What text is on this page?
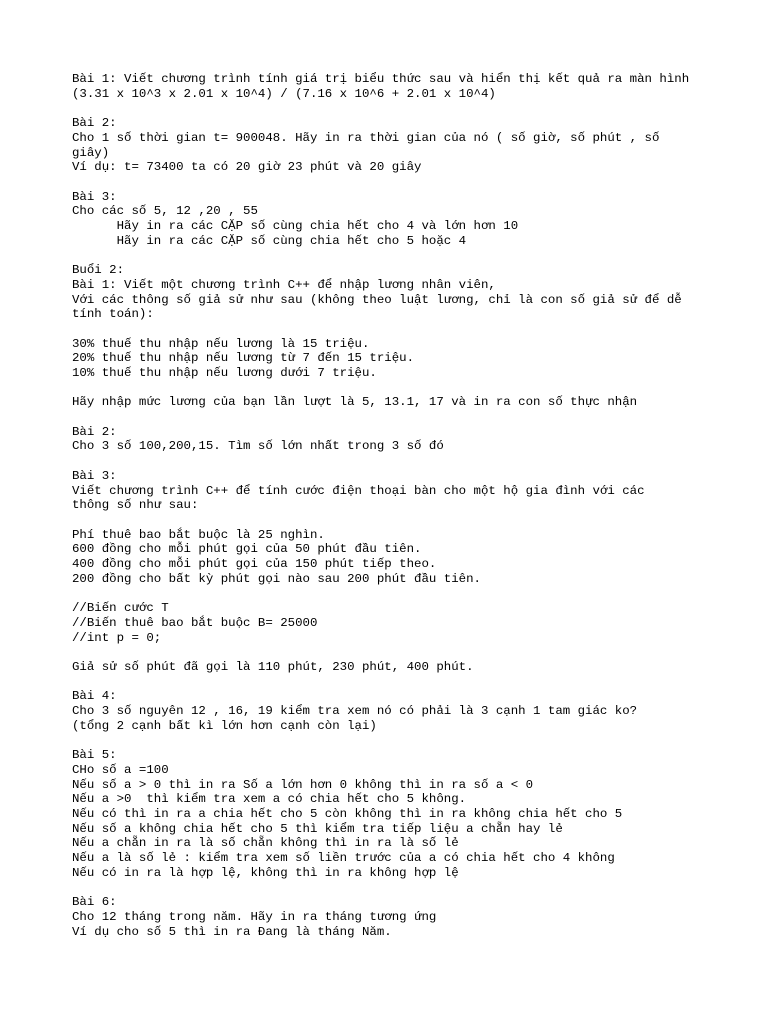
Bài 1: Viết chương trình tính giá trị biểu thức sau và hiển thị kết quả ra màn hình
(3.31 x 10^3 x 2.01 x 10^4) / (7.16 x 10^6 + 2.01 x 10^4)
Bài 2:
Cho 1 số thời gian t= 900048. Hãy in ra thời gian của nó ( số giờ, số phút , số
giây)
Ví dụ: t= 73400 ta có 20 giờ 23 phút và 20 giây
Bài 3:
Cho các số 5, 12 ,20 , 55
Hãy in ra các CẶP số cùng chia hết cho 4 và lớn hơn 10
Hãy in ra các CẶP số cùng chia hết cho 5 hoặc 4
Buổi 2:
Bài 1: Viết một chương trình C++ để nhập lương nhân viên,
Với các thông số giả sử như sau (không theo luật lương, chỉ là con số giả sử để dễ
tính toán):
30% thuế thu nhập nếu lương là 15 triệu.
20% thuế thu nhập nếu lương từ 7 đến 15 triệu.
10% thuế thu nhập nếu lương dưới 7 triệu.
Hãy nhập mức lương của bạn lần lượt là 5, 13.1, 17 và in ra con số thực nhận
Bài 2:
Cho 3 số 100,200,15. Tìm số lớn nhất trong 3 số đó
Bài 3:
Viết chương trình C++ để tính cước điện thoại bàn cho một hộ gia đình với các
thông số như sau:
Phí thuê bao bắt buộc là 25 nghìn.
600 đồng cho mỗi phút gọi của 50 phút đầu tiên.
400 đồng cho mỗi phút gọi của 150 phút tiếp theo.
200 đồng cho bất kỳ phút gọi nào sau 200 phút đầu tiên.
//Biến cước T
//Biến thuê bao bắt buộc B= 25000
//int p = 0;
Giả sử số phút đã gọi là 110 phút, 230 phút, 400 phút.
Bài 4:
Cho 3 số nguyên 12 , 16, 19 kiểm tra xem nó có phải là 3 cạnh 1 tam giác ko?
(tổng 2 cạnh bất kì lớn hơn cạnh còn lại)
Bài 5:
CHo số a =100
Nếu số a > 0 thì in ra Số a lớn hơn 0 không thì in ra số a < 0
Nếu a >0  thì kiểm tra xem a có chia hết cho 5 không.
Nếu có thì in ra a chia hết cho 5 còn không thì in ra không chia hết cho 5
Nếu số a không chia hết cho 5 thì kiểm tra tiếp liệu a chẵn hay lẻ
Nếu a chẵn in ra là số chẵn không thì in ra là số lẻ
Nếu a là số lẻ : kiểm tra xem số liền trước của a có chia hết cho 4 không
Nếu có in ra là hợp lệ, không thì in ra không hợp lệ
Bài 6:
Cho 12 tháng trong năm. Hãy in ra tháng tương ứng
Ví dụ cho số 5 thì in ra Đang là tháng Năm.
